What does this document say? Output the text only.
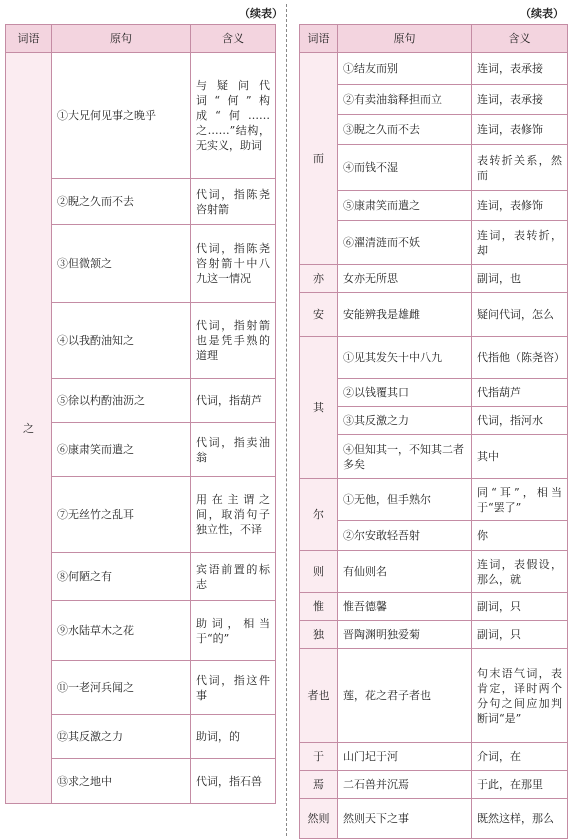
（续表）	（续表）
词语	原句	含义
之	①大兄何见事之晚乎	与疑问代词“何”构成“何……之……”结构，无实义，助词
	②睨之久而不去	代词，指陈尧咨射箭
	③但微颔之	代词，指陈尧咨射箭十中八九这一情况
	④以我酌油知之	代词，指射箭也是凭手熟的道理
	⑤徐以杓酌油沥之	代词，指葫芦
	⑥康肃笑而遣之	代词，指卖油翁
	⑦无丝竹之乱耳	用在主谓之间，取消句子独立性，不译
	⑧何陋之有	宾语前置的标志
	⑨水陆草木之花	助词，相当于“的”
	⑪一老河兵闻之	代词，指这件事
	⑫其反激之力	助词，的
	⑬求之地中	代词，指石兽
词语	原句	含义
而	①结友而别	连词，表承接
	②有卖油翁释担而立	连词，表承接
	③睨之久而不去	连词，表修饰
	④而钱不湿	表转折关系，然而
	⑤康肃笑而遣之	连词，表修饰
	⑥濯清涟而不妖	连词，表转折，却
亦	女亦无所思	副词，也
安	安能辨我是雄雌	疑问代词，怎么
其	①见其发矢十中八九	代指他（陈尧咨）
	②以钱覆其口	代指葫芦
	③其反激之力	代词，指河水
	④但知其一，不知其二者多矣	其中
尔	①无他，但手熟尔	同“耳”，相当于“罢了”
	②尔安敢轻吾射	你
则	有仙则名	连词，表假设，那么，就
惟	惟吾德馨	副词，只
独	晋陶渊明独爱菊	副词，只
者也	莲，花之君子者也	句末语气词，表肯定，译时两个分句之间应加判断词“是”
于	山门圮于河	介词，在
焉	二石兽并沉焉	于此，在那里
然则	然则天下之事	既然这样，那么
